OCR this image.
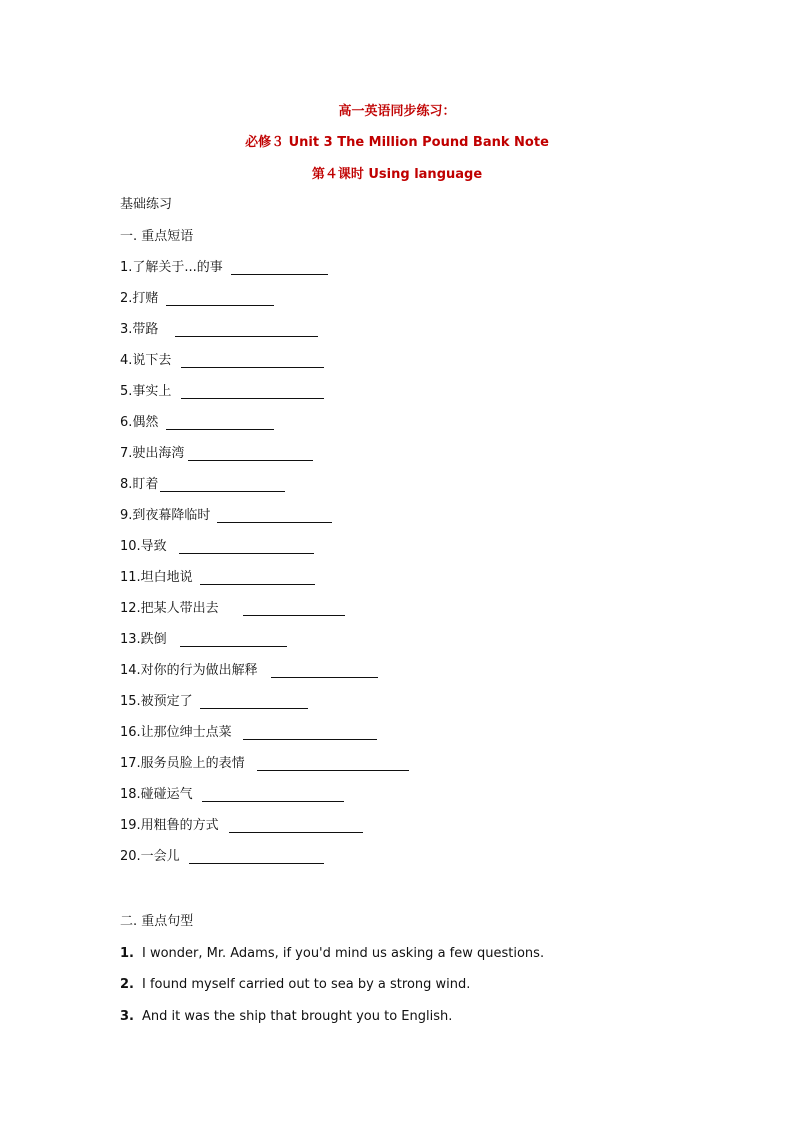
高一英语同步练习：
必修３ Unit 3 The Million Pound Bank Note
第４课时 Using language
基础练习
一. 重点短语
1.了解关于...的事
2.打赌
3.带路
4.说下去
5.事实上
6.偶然
7.驶出海湾
8.盯着
9.到夜幕降临时
10.导致
11.坦白地说
12.把某人带出去
13.跌倒
14.对你的行为做出解释
15.被预定了
16.让那位绅士点菜
17.服务员脸上的表情
18.碰碰运气
19.用粗鲁的方式
20.一会儿
二. 重点句型
1. I wonder, Mr. Adams, if you'd mind us asking a few questions.
2. I found myself carried out to sea by a strong wind.
3. And it was the ship that brought you to English.
